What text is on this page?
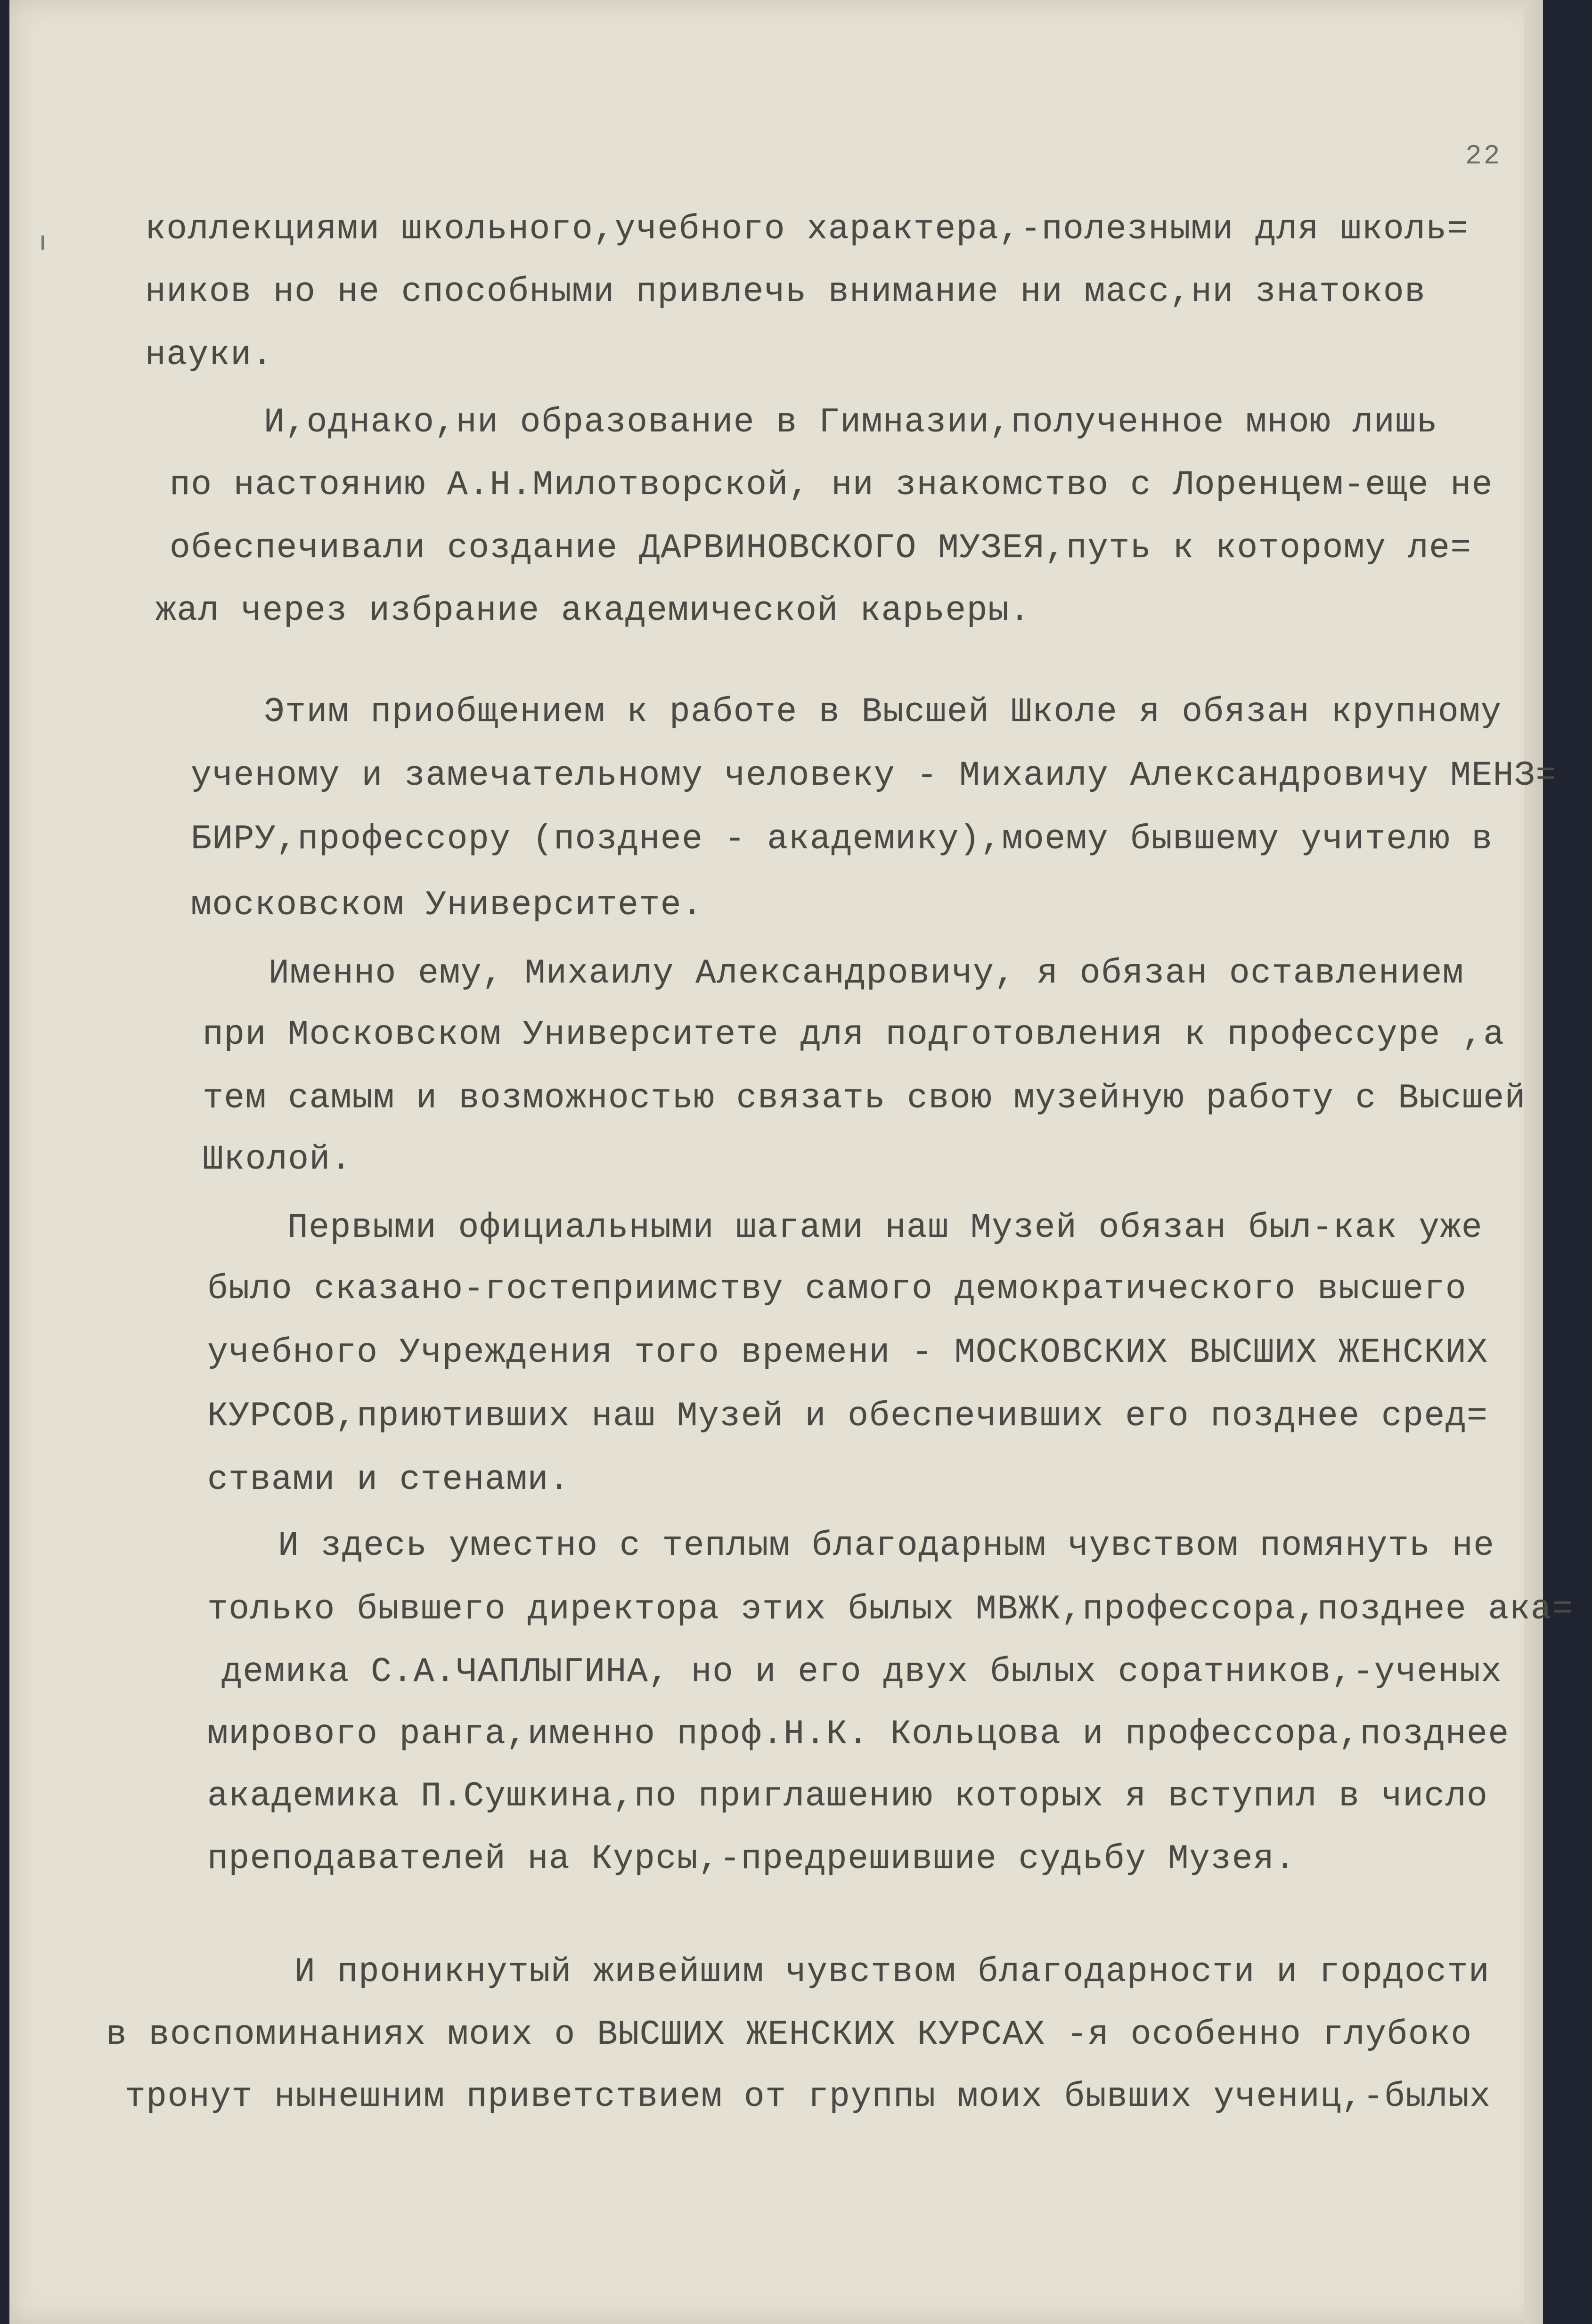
22

коллекциями школьного,учебного характера,-полезными для школь=

ников но не способными привлечь внимание ни масс,ни знатоков

науки.

И,однако,ни образование в Гимназии,полученное мною лишь

по настоянию А.Н.Милотворской, ни знакомство с Лоренцем-еще не

обеспечивали создание ДАРВИНОВСКОГО МУЗЕЯ,путь к которому ле=

жал через избрание академической карьеры.

Этим приобщением к работе в Высшей Школе я обязан крупному

ученому и замечательному человеку - Михаилу Александровичу МЕНЗ=

БИРУ,профессору (позднее - академику),моему бывшему учителю в

московском Университете.

Именно ему, Михаилу Александровичу, я обязан оставлением

при Московском Университете для подготовления к профессуре ,а

тем самым и возможностью связать свою музейную работу с Высшей

Школой.

Первыми официальными шагами наш Музей обязан был-как уже

было сказано-гостеприимству самого демократического высшего

учебного Учреждения того времени - МОСКОВСКИХ ВЫСШИХ ЖЕНСКИХ

КУРСОВ,приютивших наш Музей и обеспечивших его позднее сред=

ствами и стенами.

И здесь уместно с теплым благодарным чувством помянуть не

только бывшего директора этих былых МВЖК,профессора,позднее ака=

демика С.А.ЧАПЛЫГИНА, но и его двух былых соратников,-ученых

мирового ранга,именно проф.Н.К. Кольцова и профессора,позднее

академика П.Сушкина,по приглашению которых я вступил в число

преподавателей на Курсы,-предрешившие судьбу Музея.

И проникнутый живейшим чувством благодарности и гордости

в воспоминаниях моих о ВЫСШИХ ЖЕНСКИХ КУРСАХ -я особенно глубоко

тронут нынешним приветствием от группы моих бывших учениц,-былых
